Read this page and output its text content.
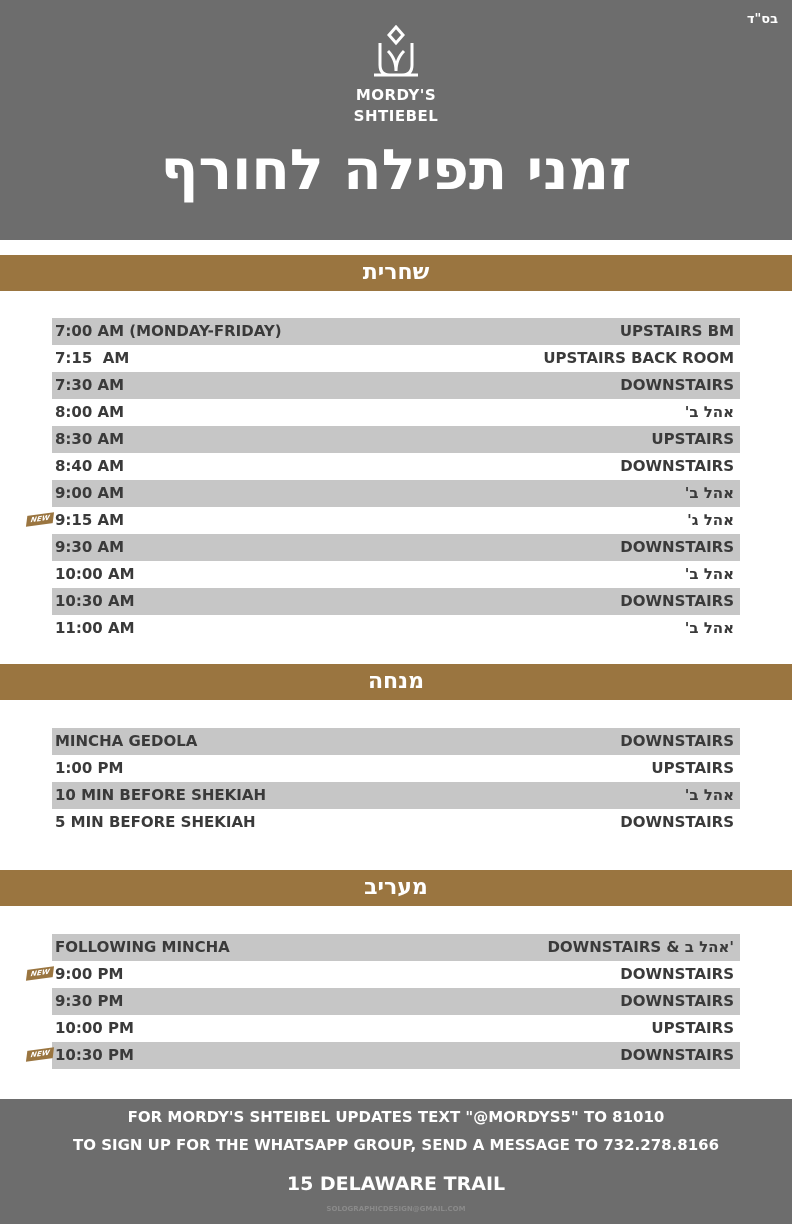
בס"ד
MORDY'S
SHTIEBEL
זמני תפילה לחורף
שחרית
7:00 AM (MONDAY-FRIDAY)	UPSTAIRS BM
7:15  AM	UPSTAIRS BACK ROOM
7:30 AM	DOWNSTAIRS
8:00 AM	אהל ב'
8:30 AM	UPSTAIRS
8:40 AM	DOWNSTAIRS
9:00 AM	אהל ב'
NEW 9:15 AM	אהל ג'
9:30 AM	DOWNSTAIRS
10:00 AM	אהל ב'
10:30 AM	DOWNSTAIRS
11:00 AM	אהל ב'
מנחה
MINCHA GEDOLA	DOWNSTAIRS
1:00 PM	UPSTAIRS
10 MIN BEFORE SHEKIAH	אהל ב'
5 MIN BEFORE SHEKIAH	DOWNSTAIRS
מעריב
FOLLOWING MINCHA	DOWNSTAIRS & אהל ב'
NEW 9:00 PM	DOWNSTAIRS
9:30 PM	DOWNSTAIRS
10:00 PM	UPSTAIRS
NEW 10:30 PM	DOWNSTAIRS
FOR MORDY'S SHTEIBEL UPDATES TEXT "@MORDYS5" TO 81010
TO SIGN UP FOR THE WHATSAPP GROUP, SEND A MESSAGE TO 732.278.8166
15 DELAWARE TRAIL
SOLOGRAPHICDESIGN@GMAIL.COM
